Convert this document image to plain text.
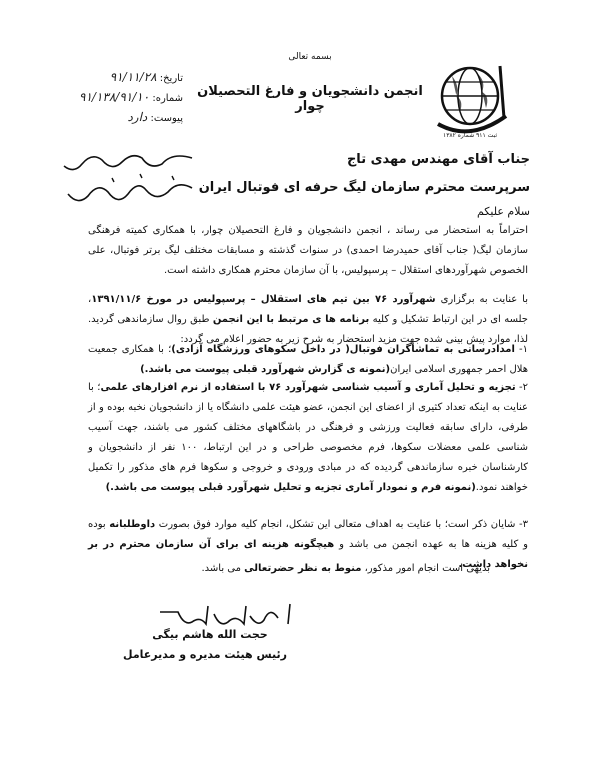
بسمه تعالی
انجمن دانشجویان و فارغ التحصیلان چوار
ثبت ۹۱۱ شماره ۱۳۸۲
تاریخ: ۹۱/۱۱/۲۸
شماره: ۹۱/۱۳۸/۹۱/۱۰
پیوست: دارد
جناب آقای مهندس مهدی تاج
سرپرست محترم سازمان لیگ حرفه ای فوتبال ایران
سلام علیکم
احتراماً به استحضار می رساند ، انجمن دانشجویان و فارغ التحصیلان چوار، با همکاری کمیته فرهنگی سازمان لیگ( جناب آقای حمیدرضا احمدی) در سنوات گذشته و مسابقات مختلف لیگ برتر فوتبال، علی الخصوص شهرآوردهای استقلال – پرسپولیس، با آن سازمان محترم همکاری داشته است.
با عنایت به برگزاری شهرآورد ۷۶ بین تیم های استقلال – پرسپولیس در مورخ ۱۳۹۱/۱۱/۶، جلسه ای در این ارتباط تشکیل و کلیه برنامه ها ی مرتبط با این انجمن طبق روال سازماندهی گردید. لذا، موارد پیش بینی شده جهت مزید استحضار به شرح زیر به حضور اعلام می گردد:
۱- امدادرسانی به تماشاگران فوتبال( در داخل سکوهای ورزشگاه آزادی)؛ با همکاری جمعیت هلال احمر جمهوری اسلامی ایران(نمونه ی گزارش شهرآورد قبلی پیوست می باشد.)
۲- تجزیه و تحلیل آماری و آسیب شناسی شهرآورد ۷۶ با استفاده از نرم افزارهای علمی؛ با عنایت به اینکه تعداد کثیری از اعضای این انجمن، عضو هیئت علمی دانشگاه یا از دانشجویان نخبه بوده و از طرفی، دارای سابقه فعالیت ورزشی و فرهنگی در باشگاههای مختلف کشور می باشند، جهت آسیب شناسی علمی معضلات سکوها، فرم مخصوصی طراحی و در این ارتباط، ۱۰۰ نفر از دانشجویان و کارشناسان خبره سازماندهی گردیده که در مبادی ورودی و خروجی و سکوها فرم های مذکور را تکمیل خواهند نمود.(نمونه فرم و نمودار آماری تجزیه و تحلیل شهرآورد قبلی پیوست می باشد.)
۳- شایان ذکر است؛ با عنایت به اهداف متعالی این تشکل، انجام کلیه موارد فوق بصورت داوطلبانه بوده و کلیه هزینه ها به عهده انجمن می باشد و هیچگونه هزینه ای برای آن سازمان محترم در بر نخواهد داشت.
بدیهی است انجام امور مذکور، منوط به نظر حضرتعالی می باشد.
حجت الله هاشم بیگی
رئیس هیئت مدیره و مدیرعامل
